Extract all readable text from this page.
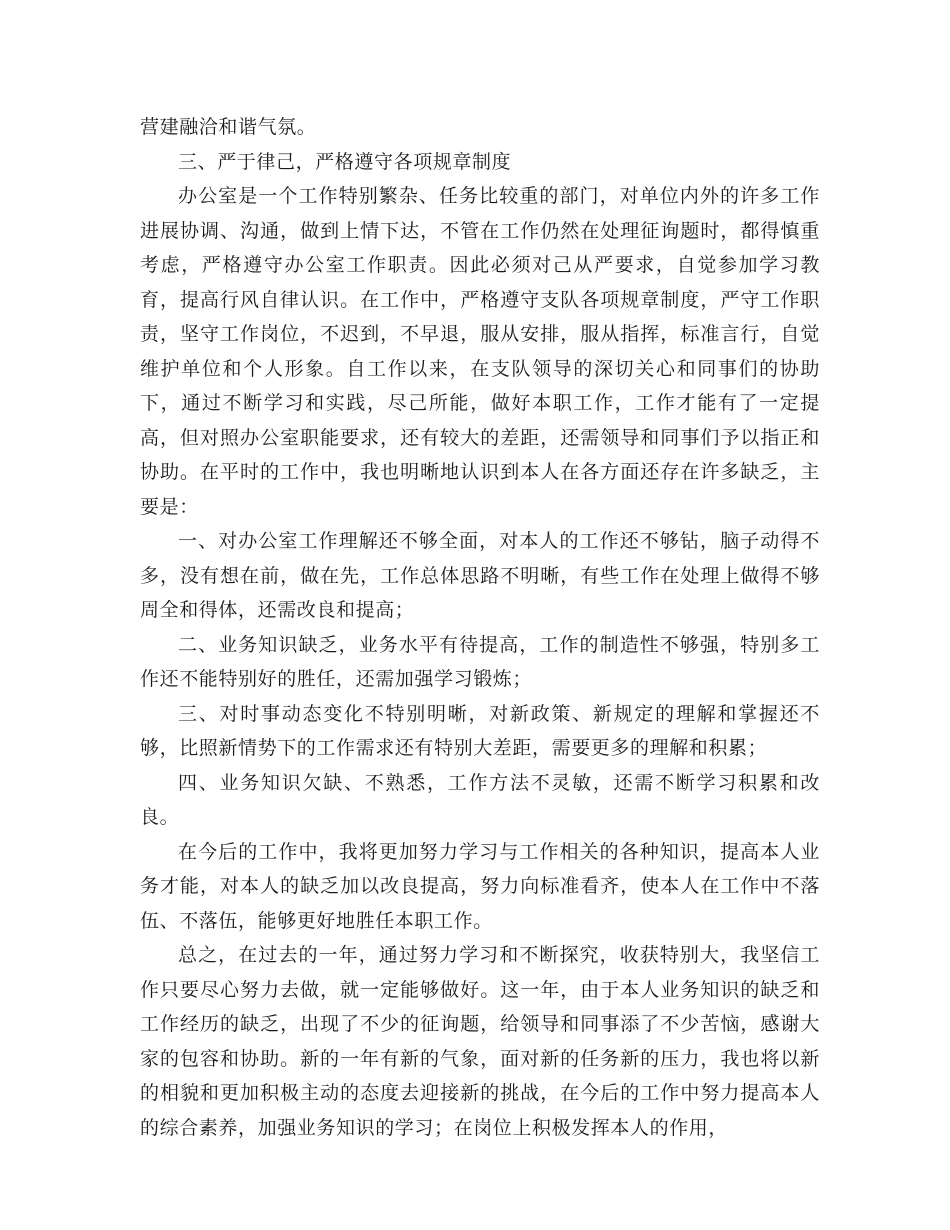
营建融洽和谐气氛。

三、严于律己，严格遵守各项规章制度

办公室是一个工作特别繁杂、任务比较重的部门，对单位内外的许多工作进展协调、沟通，做到上情下达，不管在工作仍然在处理征询题时，都得慎重考虑，严格遵守办公室工作职责。因此必须对己从严要求，自觉参加学习教育，提高行风自律认识。在工作中，严格遵守支队各项规章制度，严守工作职责，坚守工作岗位，不迟到，不早退，服从安排，服从指挥，标准言行，自觉维护单位和个人形象。自工作以来，在支队领导的深切关心和同事们的协助下，通过不断学习和实践，尽己所能，做好本职工作，工作才能有了一定提高，但对照办公室职能要求，还有较大的差距，还需领导和同事们予以指正和协助。在平时的工作中，我也明晰地认识到本人在各方面还存在许多缺乏，主要是：

一、对办公室工作理解还不够全面，对本人的工作还不够钻，脑子动得不多，没有想在前，做在先，工作总体思路不明晰，有些工作在处理上做得不够周全和得体，还需改良和提高；

二、业务知识缺乏，业务水平有待提高，工作的制造性不够强，特别多工作还不能特别好的胜任，还需加强学习锻炼；

三、对时事动态变化不特别明晰，对新政策、新规定的理解和掌握还不够，比照新情势下的工作需求还有特别大差距，需要更多的理解和积累；

四、业务知识欠缺、不熟悉，工作方法不灵敏，还需不断学习积累和改良。

在今后的工作中，我将更加努力学习与工作相关的各种知识，提高本人业务才能，对本人的缺乏加以改良提高，努力向标准看齐，使本人在工作中不落伍、不落伍，能够更好地胜任本职工作。

总之，在过去的一年，通过努力学习和不断探究，收获特别大，我坚信工作只要尽心努力去做，就一定能够做好。这一年，由于本人业务知识的缺乏和工作经历的缺乏，出现了不少的征询题，给领导和同事添了不少苦恼，感谢大家的包容和协助。新的一年有新的气象，面对新的任务新的压力，我也将以新的相貌和更加积极主动的态度去迎接新的挑战，在今后的工作中努力提高本人的综合素养，加强业务知识的学习；在岗位上积极发挥本人的作用，
